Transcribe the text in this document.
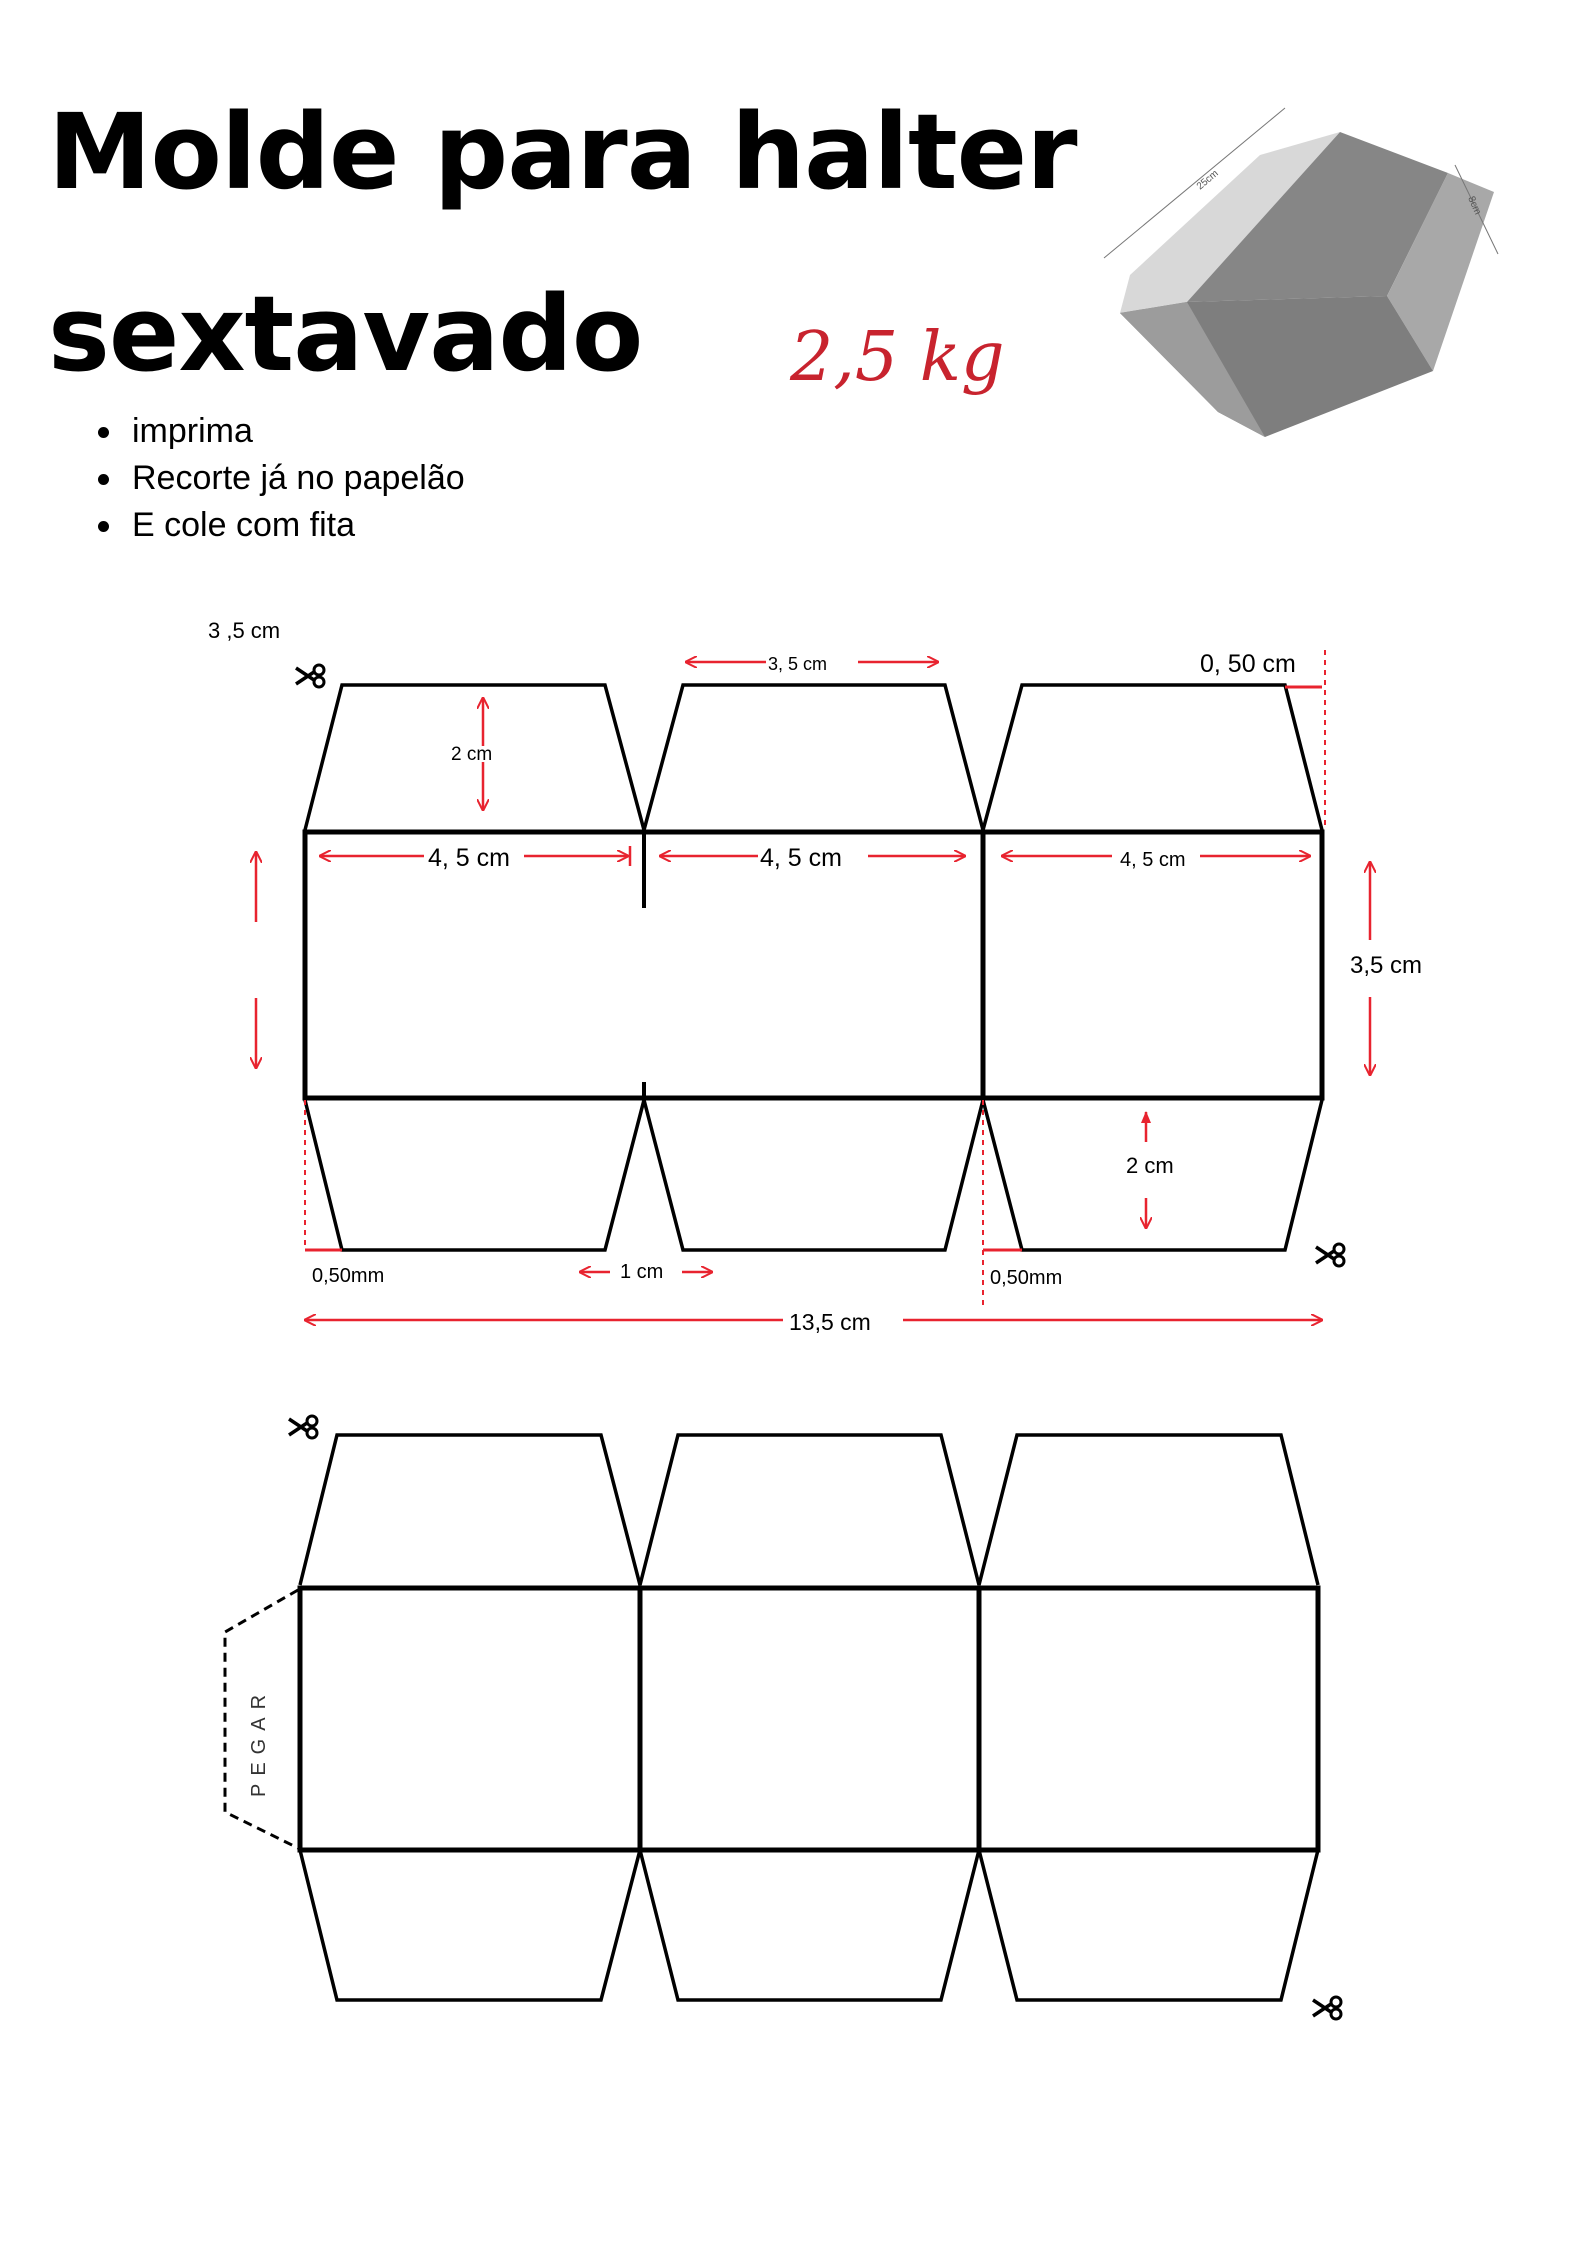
Molde para halter
sextavado 2,5 kg
imprima
Recorte já no papelão
E cole com fita
25cm
8cm
3 ,5 cm
3, 5 cm	0, 50 cm
2 cm
4, 5 cm	4, 5 cm	4, 5 cm
3,5 cm
2 cm
0,50mm	1 cm	0,50mm
13,5 cm
PEGAR
